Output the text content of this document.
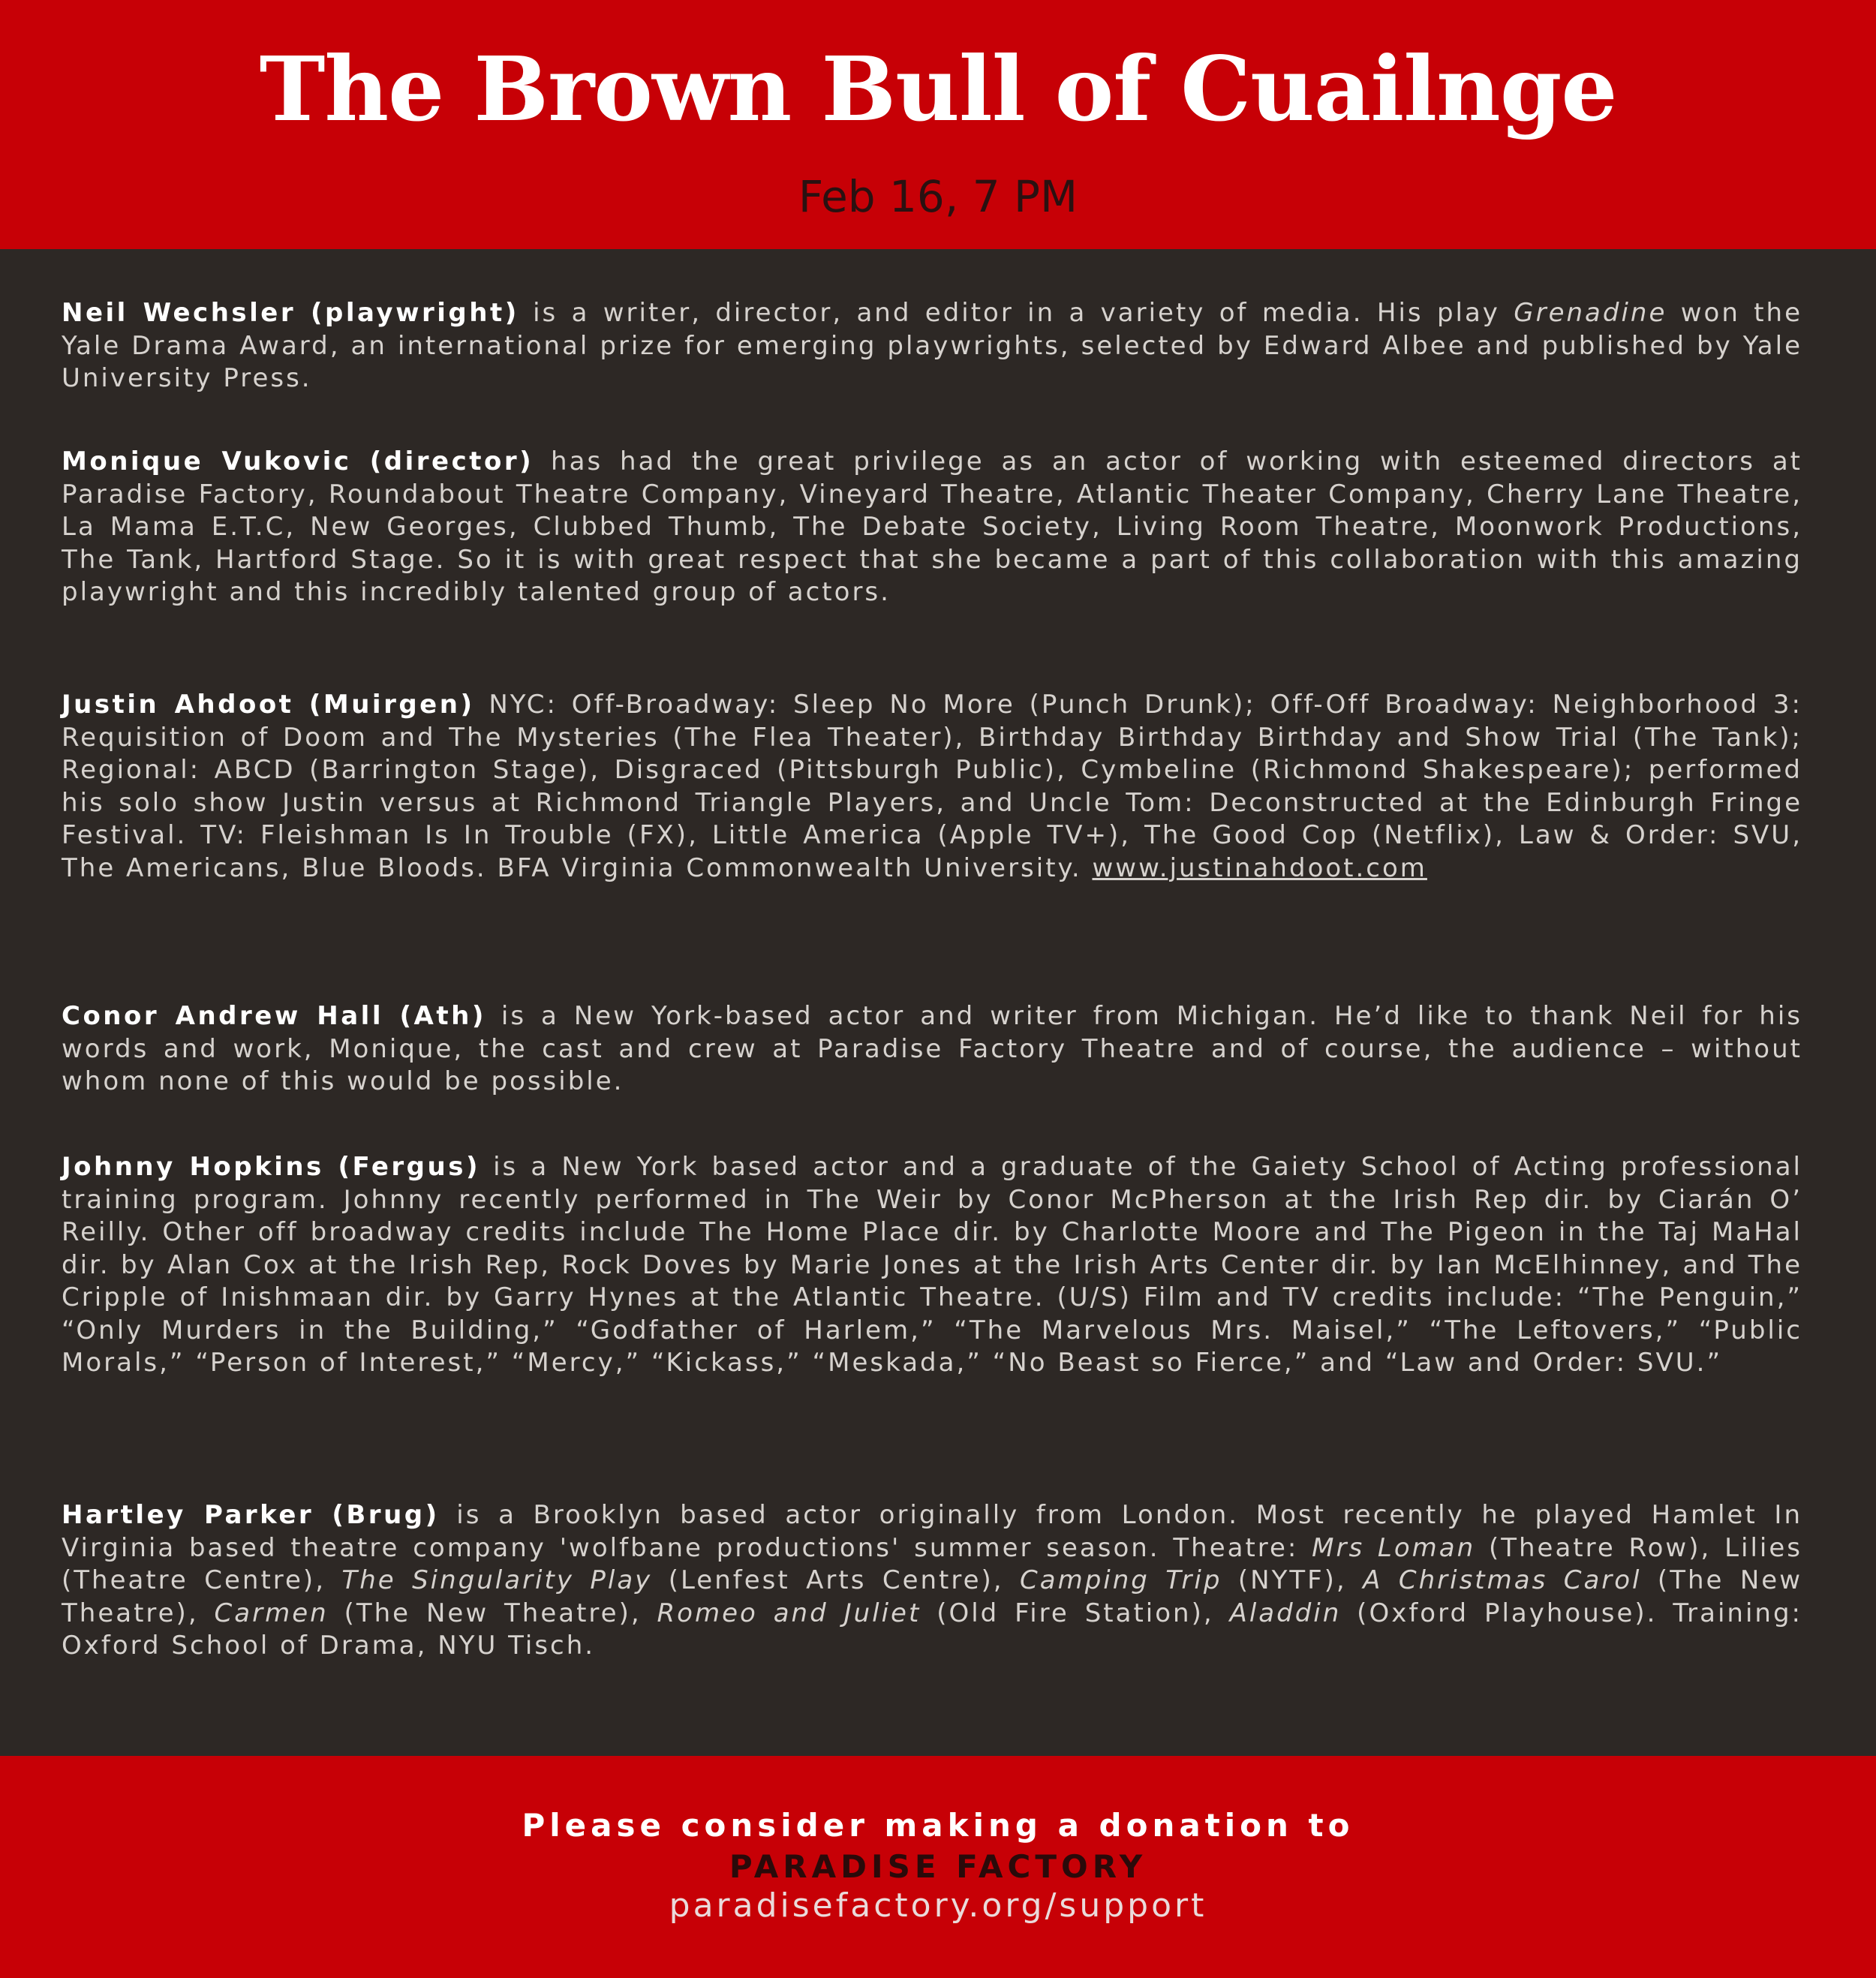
The Brown Bull of Cuailnge
Feb 16, 7 PM

Neil Wechsler (playwright) is a writer, director, and editor in a variety of media. His play Grenadine won the Yale Drama Award, an international prize for emerging playwrights, selected by Edward Albee and published by Yale University Press.

Monique Vukovic (director) has had the great privilege as an actor of working with esteemed directors at Paradise Factory, Roundabout Theatre Company, Vineyard Theatre, Atlantic Theater Company, Cherry Lane Theatre, La Mama E.T.C, New Georges, Clubbed Thumb, The Debate Society, Living Room Theatre, Moonwork Productions, The Tank, Hartford Stage. So it is with great respect that she became a part of this collaboration with this amazing playwright and this incredibly talented group of actors.

Justin Ahdoot (Muirgen) NYC: Off-Broadway: Sleep No More (Punch Drunk); Off-Off Broadway: Neighborhood 3: Requisition of Doom and The Mysteries (The Flea Theater), Birthday Birthday Birthday and Show Trial (The Tank); Regional: ABCD (Barrington Stage), Disgraced (Pittsburgh Public), Cymbeline (Richmond Shakespeare); performed his solo show Justin versus at Richmond Triangle Players, and Uncle Tom: Deconstructed at the Edinburgh Fringe Festival. TV: Fleishman Is In Trouble (FX), Little America (Apple TV+), The Good Cop (Netflix), Law & Order: SVU, The Americans, Blue Bloods. BFA Virginia Commonwealth University. www.justinahdoot.com

Conor Andrew Hall (Ath) is a New York-based actor and writer from Michigan. He’d like to thank Neil for his words and work, Monique, the cast and crew at Paradise Factory Theatre and of course, the audience – without whom none of this would be possible.

Johnny Hopkins (Fergus) is a New York based actor and a graduate of the Gaiety School of Acting professional training program. Johnny recently performed in The Weir by Conor McPherson at the Irish Rep dir. by Ciarán O’ Reilly. Other off broadway credits include The Home Place dir. by Charlotte Moore and The Pigeon in the Taj MaHal dir. by Alan Cox at the Irish Rep, Rock Doves by Marie Jones at the Irish Arts Center dir. by Ian McElhinney, and The Cripple of Inishmaan dir. by Garry Hynes at the Atlantic Theatre. (U/S) Film and TV credits include: “The Penguin,” “Only Murders in the Building,” “Godfather of Harlem,” “The Marvelous Mrs. Maisel,” “The Leftovers,” “Public Morals,” “Person of Interest,” “Mercy,” “Kickass,” “Meskada,” “No Beast so Fierce,” and “Law and Order: SVU.”

Hartley Parker (Brug) is a Brooklyn based actor originally from London. Most recently he played Hamlet In Virginia based theatre company 'wolfbane productions' summer season. Theatre: Mrs Loman (Theatre Row), Lilies (Theatre Centre), The Singularity Play (Lenfest Arts Centre), Camping Trip (NYTF), A Christmas Carol (The New Theatre), Carmen (The New Theatre), Romeo and Juliet (Old Fire Station), Aladdin (Oxford Playhouse). Training: Oxford School of Drama, NYU Tisch.

Please consider making a donation to
PARADISE FACTORY
paradisefactory.org/support
